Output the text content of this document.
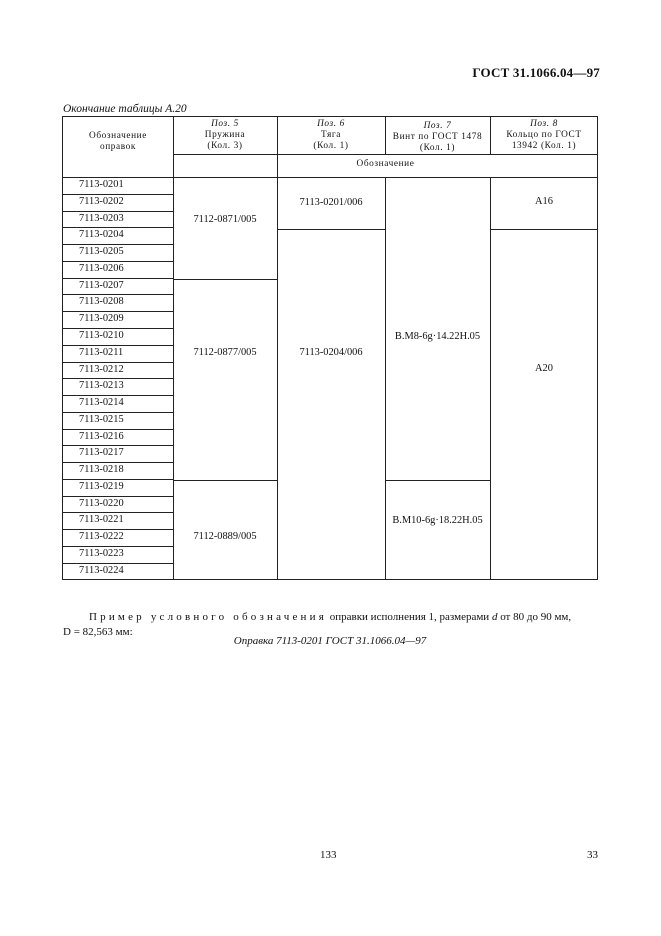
ГОСТ 31.1066.04—97
Окончание таблицы А.20
Обозначение
оправок
Поз. 5
Пружина
(Кол. 3)
Поз. 6
Тяга
(Кол. 1)
Поз. 7
Винт по ГОСТ 1478
(Кол. 1)
Поз. 8
Кольцо по ГОСТ
13942 (Кол. 1)
Обозначение
7113-0201
7113-0202
7113-0203
7113-0204
7113-0205
7113-0206
7113-0207
7113-0208
7113-0209
7113-0210
7113-0211
7113-0212
7113-0213
7113-0214
7113-0215
7113-0216
7113-0217
7113-0218
7113-0219
7113-0220
7113-0221
7113-0222
7113-0223
7113-0224
7112-0871/005
7112-0877/005
7112-0889/005
7113-0201/006
7113-0204/006
В.М8-6g·14.22Н.05
В.М10-6g·18.22Н.05
А16
А20
Пример условного обозначения оправки исполнения 1, размерами d от 80 до 90 мм,
D = 82,563 мм:
Оправка 7113-0201 ГОСТ 31.1066.04—97
133	33
